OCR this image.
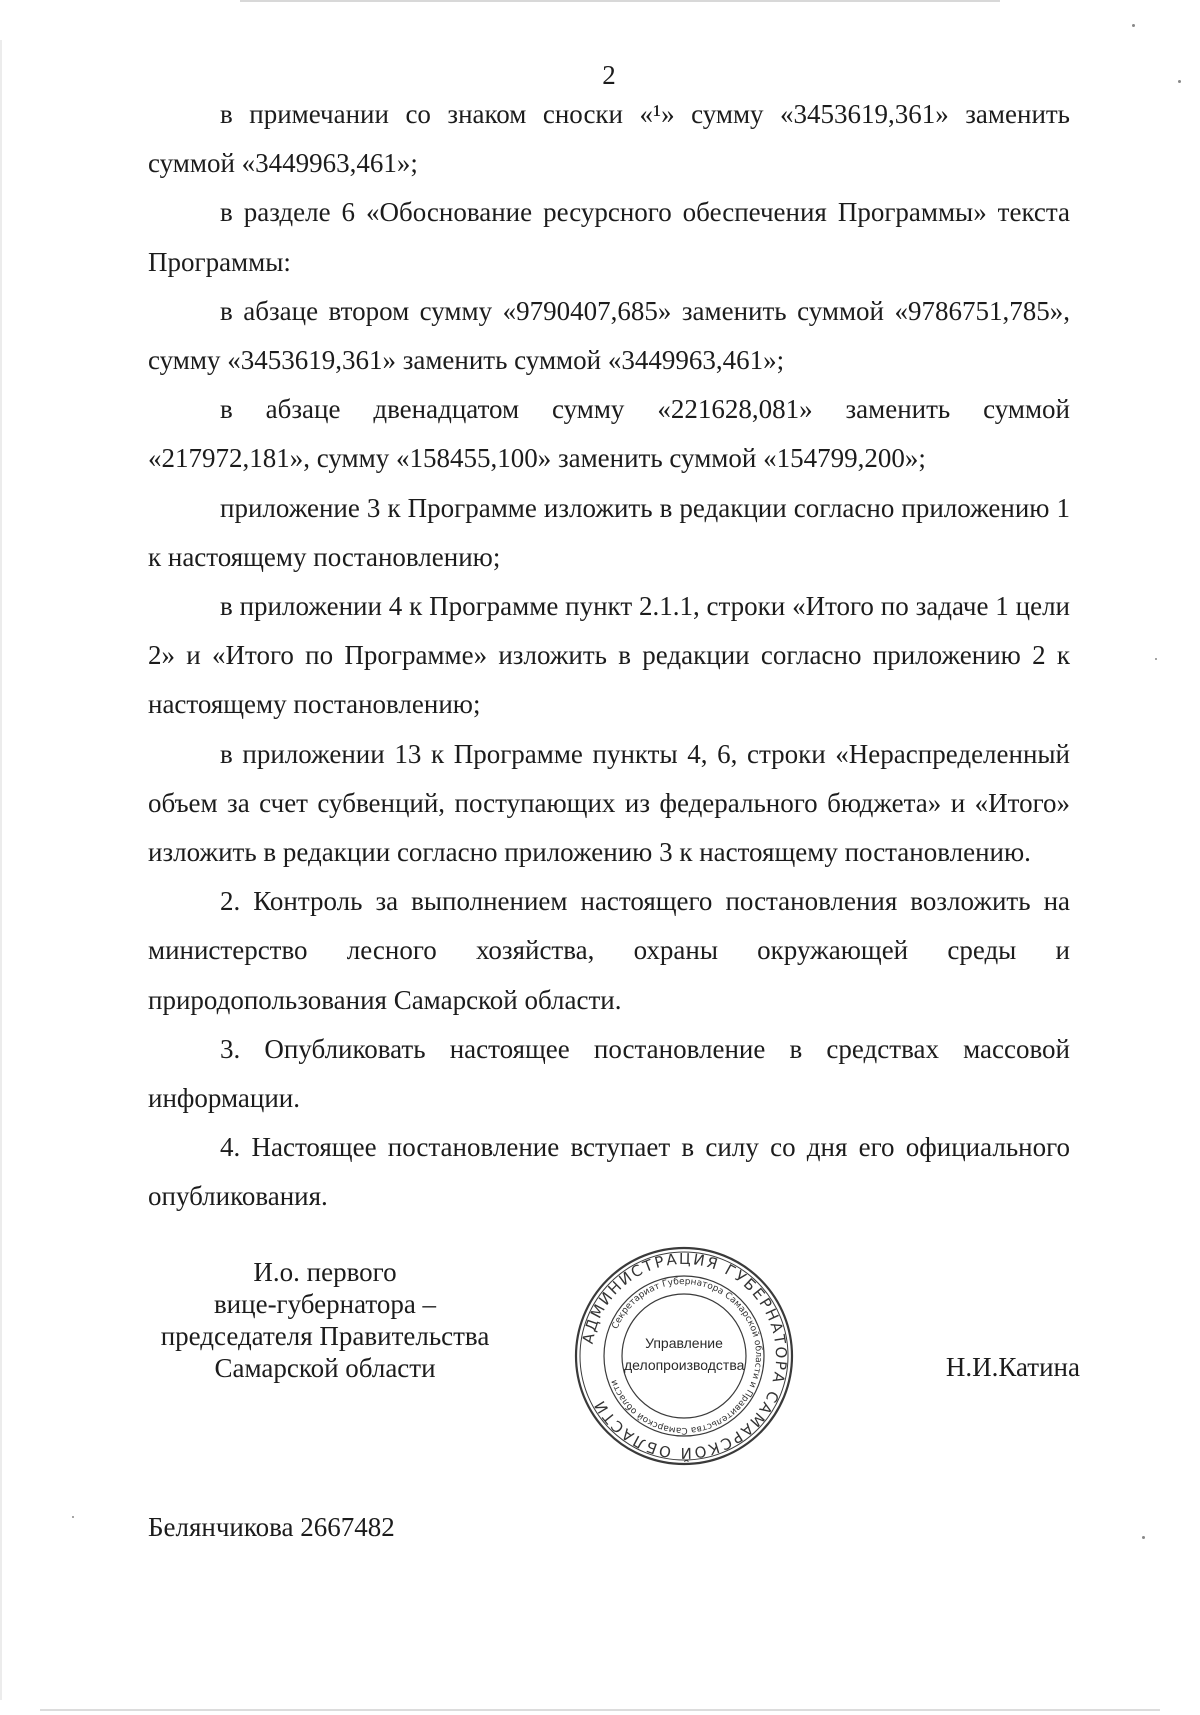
2

в примечании со знаком сноски «¹» сумму «3453619,361» заменить суммой «3449963,461»;

в разделе 6 «Обоснование ресурсного обеспечения Программы» текста Программы:

в абзаце втором сумму «9790407,685» заменить суммой «9786751,785», сумму «3453619,361» заменить суммой «3449963,461»;

в абзаце двенадцатом сумму «221628,081» заменить суммой «217972,181», сумму «158455,100» заменить суммой «154799,200»;

приложение 3 к Программе изложить в редакции согласно приложению 1 к настоящему постановлению;

в приложении 4 к Программе пункт 2.1.1, строки «Итого по задаче 1 цели 2» и «Итого по Программе» изложить в редакции согласно приложению 2 к настоящему постановлению;

в приложении 13 к Программе пункты 4, 6, строки «Нераспределенный объем за счет субвенций, поступающих из федерального бюджета» и «Итого» изложить в редакции согласно приложению 3 к настоящему постановлению.

2. Контроль за выполнением настоящего постановления возложить на министерство лесного хозяйства, охраны окружающей среды и природопользования Самарской области.

3. Опубликовать настоящее постановление в средствах массовой информации.

4. Настоящее постановление вступает в силу со дня его официального опубликования.

И.о. первого
вице-губернатора –
председателя Правительства
Самарской области
АДМИНИСТРАЦИЯ ГУБЕРНАТОРА САМАРСКОЙ ОБЛАСТИ
Секретариат Губернатора Самарской области и Правительства Самарской области
Управление
делопроизводства	Н.И.Катина
Белянчикова 2667482
